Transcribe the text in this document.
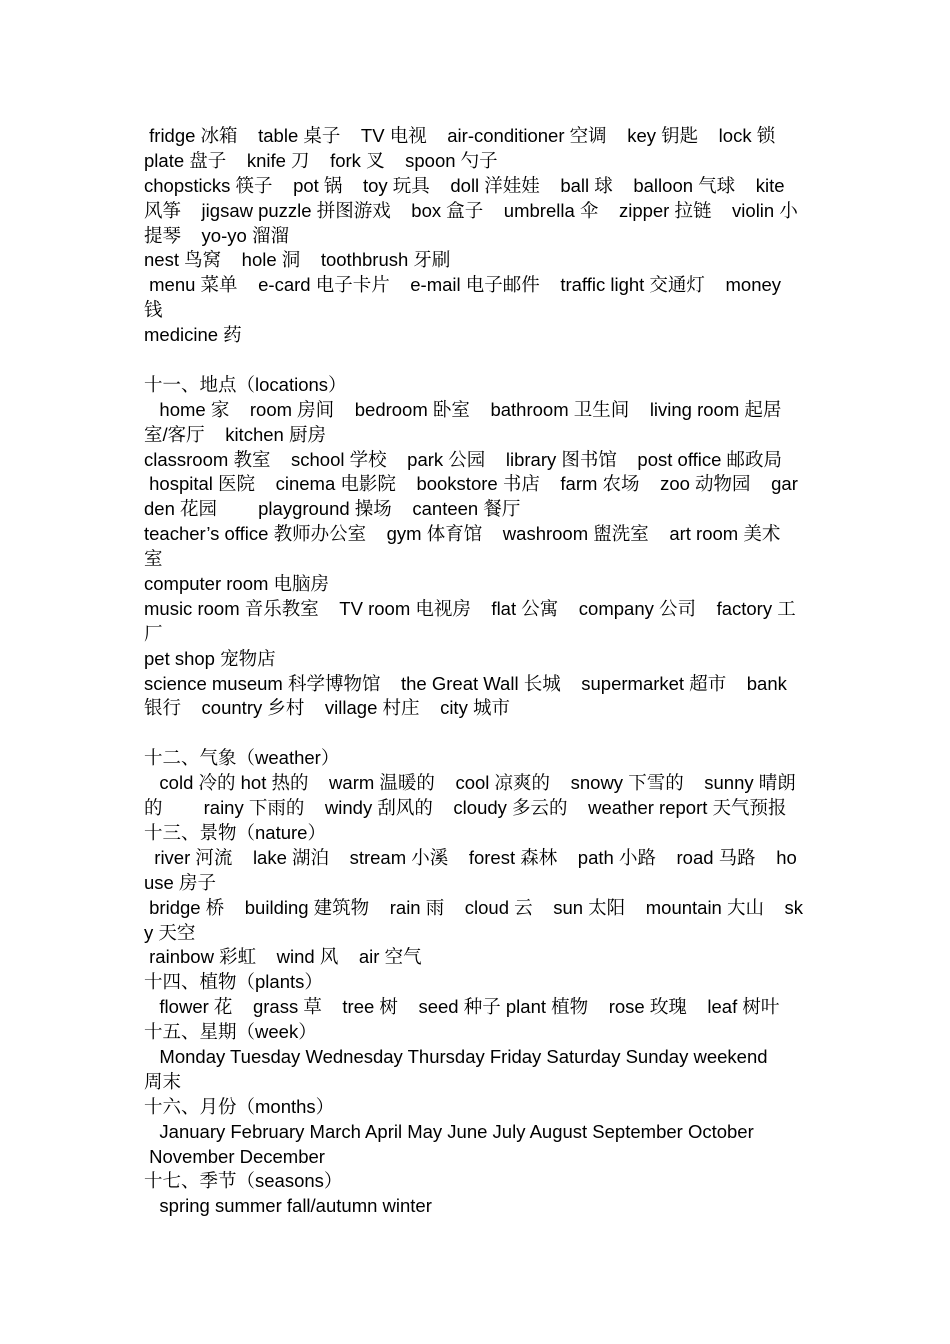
fridge 冰箱    table 桌子    TV 电视    air-conditioner 空调    key 钥匙    lock 锁
plate 盘子    knife 刀    fork 叉    spoon 勺子
chopsticks 筷子    pot 锅    toy 玩具    doll 洋娃娃    ball 球    balloon 气球    kite
风筝    jigsaw puzzle 拼图游戏    box 盒子    umbrella 伞    zipper 拉链    violin 小
提琴    yo-yo 溜溜
nest 鸟窝    hole 洞    toothbrush 牙刷
menu 菜单    e-card 电子卡片    e-mail 电子邮件    traffic light 交通灯    money
钱
medicine 药
十一、地点（locations）
home 家    room 房间    bedroom 卧室    bathroom 卫生间    living room 起居
室/客厅    kitchen 厨房
classroom 教室    school 学校    park 公园    library 图书馆    post office 邮政局
hospital 医院    cinema 电影院    bookstore 书店    farm 农场    zoo 动物园    gar
den 花园        playground 操场    canteen 餐厅
teacher’s office 教师办公室    gym 体育馆    washroom 盥洗室    art room 美术
室
computer room 电脑房
music room 音乐教室    TV room 电视房    flat 公寓    company 公司    factory 工
厂
pet shop 宠物店
science museum 科学博物馆    the Great Wall 长城    supermarket 超市    bank
银行    country 乡村    village 村庄    city 城市
十二、气象（weather）
cold 冷的 hot 热的    warm 温暖的    cool 凉爽的    snowy 下雪的    sunny 晴朗
的        rainy 下雨的    windy 刮风的    cloudy 多云的    weather report 天气预报
十三、景物（nature）
river 河流    lake 湖泊    stream 小溪    forest 森林    path 小路    road 马路    ho
use 房子
bridge 桥    building 建筑物    rain 雨    cloud 云    sun 太阳    mountain 大山    sk
y 天空
rainbow 彩虹    wind 风    air 空气
十四、植物（plants）
flower 花    grass 草    tree 树    seed 种子 plant 植物    rose 玫瑰    leaf 树叶
十五、星期（week）
Monday Tuesday Wednesday Thursday Friday Saturday Sunday weekend
周末
十六、月份（months）
January February March April May June July August September October
November December
十七、季节（seasons）
spring summer fall/autumn winter
